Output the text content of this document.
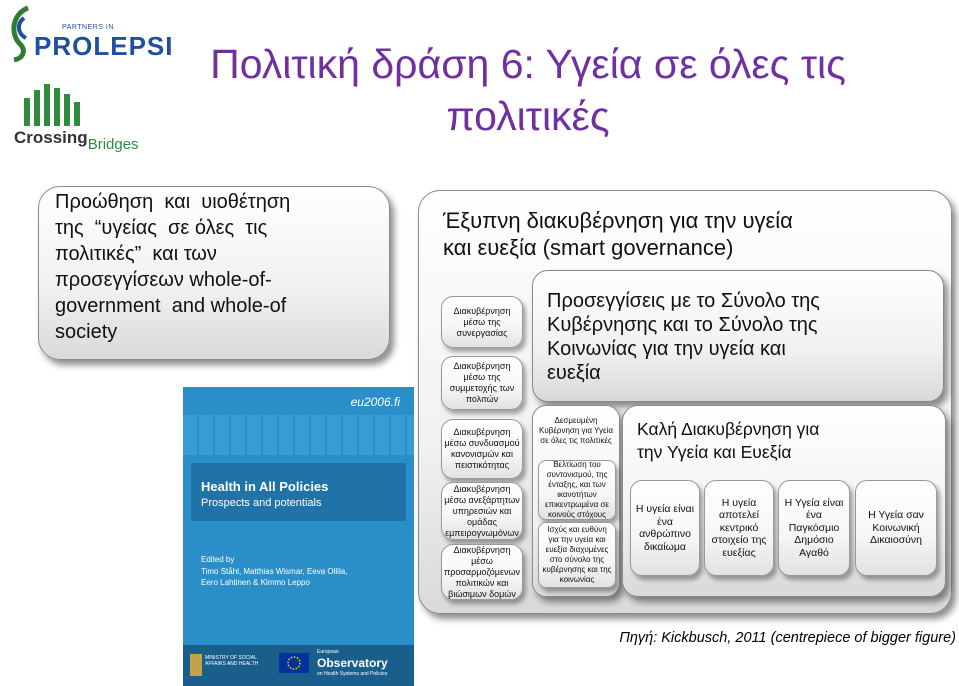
PARTNERS IN
PROLEPSI
CrossingBridges
Πολιτική δράση 6: Υγεία σε όλες τις πολιτικές
Προώθηση  και  υιοθέτηση
της  “υγείας  σε όλες  τις
πολιτικές”  και των
προσεγγίσεων whole-of-
government  and whole-of
society
eu2006.fi
Health in All Policies
Prospects and potentials
Edited by
Timo Ståhl, Matthias Wismar, Eeva Ollila,
Eero Lahtinen & Kimmo Leppo
MINISTRY OF SOCIAL AFFAIRS AND HEALTH
European
Observatory
on Health Systems and Policies
Έξυπνη διακυβέρνηση για την υγεία
και ευεξία (smart governance)
Διακυβέρνηση μέσω της συνεργασίας
Διακυβέρνηση μέσω της συμμετοχής των πολιτών
Διακυβέρνηση μέσω συνδυασμού κανονισμών και πειστικότητας
Διακυβέρνηση μέσω ανεξάρτητων υπηρεσιών και ομάδας εμπειρογνωμόνων
Διακυβέρνηση μέσω προσαρμοζόμενων πολιτικών και βιώσιμων δομών
Προσεγγίσεις με το Σύνολο της
Κυβέρνησης και το Σύνολο της
Κοινωνίας για την υγεία και
ευεξία
Δεσμευμένη Κυβέρνηση για Υγεία σε όλες τις πολιτικές
Βελτίωση του συντονισμού, της ένταξης, και των ικανοτήτων επικεντρωμένα σε κοινούς στόχους
Ισχύς και ευθύνη για την υγεία και ευεξία διαχυμένες στο σύνολο της κυβέρνησης και της κοινωνίας
Καλή Διακυβέρνηση για
την Υγεία και Ευεξία
Η υγεία είναι ένα ανθρώπινο δικαίωμα
Η υγεία αποτελεί κεντρικό στοιχείο της ευεξίας
Η Υγεία είναι ένα Παγκόσμιο Δημόσιο Αγαθό
Η Υγεία σαν Κοινωνική Δικαιοσύνη
Πηγή: Kickbusch, 2011 (centrepiece of bigger figure)
